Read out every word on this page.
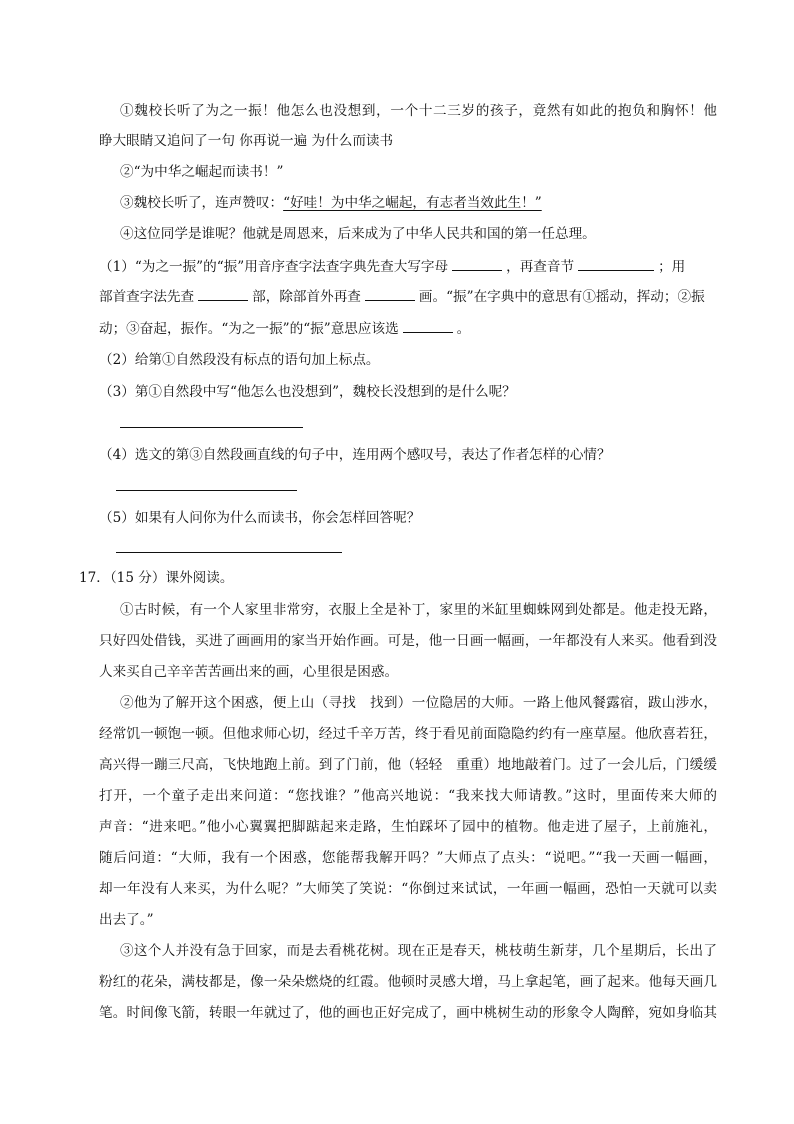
①魏校长听了为之一振！他怎么也没想到，一个十二三岁的孩子，竟然有如此的抱负和胸怀！他
睁大眼睛又追问了一句 你再说一遍 为什么而读书
②“为中华之崛起而读书！”
③魏校长听了，连声赞叹：“好哇！为中华之崛起，有志者当效此生！”
④这位同学是谁呢？他就是周恩来，后来成为了中华人民共和国的第一任总理。
（1）“为之一振”的“振”用音序查字法查字典先查大写字母	，再查音节	；用
部首查字法先查	部，除部首外再查	画。“振”在字典中的意思有①摇动，挥动；②振
动；③奋起，振作。“为之一振”的“振”意思应该选	。
（2）给第①自然段没有标点的语句加上标点。
（3）第①自然段中写“他怎么也没想到”，魏校长没想到的是什么呢？
（4）选文的第③自然段画直线的句子中，连用两个感叹号，表达了作者怎样的心情？
（5）如果有人问你为什么而读书，你会怎样回答呢？
17．（15 分）课外阅读。
①古时候，有一个人家里非常穷，衣服上全是补丁，家里的米缸里蜘蛛网到处都是。他走投无路，
只好四处借钱，买进了画画用的家当开始作画。可是，他一日画一幅画，一年都没有人来买。他看到没
人来买自己辛辛苦苦画出来的画，心里很是困惑。
②他为了解开这个困惑，便上山（寻找　找到）一位隐居的大师。一路上他风餐露宿，跋山涉水，
经常饥一顿饱一顿。但他求师心切，经过千辛万苦，终于看见前面隐隐约约有一座草屋。他欣喜若狂，
高兴得一蹦三尺高，飞快地跑上前。到了门前，他（轻轻　重重）地地敲着门。过了一会儿后，门缓缓
打开，一个童子走出来问道：“您找谁？”他高兴地说：“我来找大师请教。”这时，里面传来大师的
声音：“进来吧。”他小心翼翼把脚踮起来走路，生怕踩坏了园中的植物。他走进了屋子，上前施礼，
随后问道：“大师，我有一个困惑，您能帮我解开吗？”大师点了点头：“说吧。”“我一天画一幅画，
却一年没有人来买，为什么呢？”大师笑了笑说：“你倒过来试试，一年画一幅画，恐怕一天就可以卖
出去了。”
③这个人并没有急于回家，而是去看桃花树。现在正是春天，桃枝萌生新芽，几个星期后，长出了
粉红的花朵，满枝都是，像一朵朵燃烧的红霞。他顿时灵感大增，马上拿起笔，画了起来。他每天画几
笔。时间像飞箭，转眼一年就过了，他的画也正好完成了，画中桃树生动的形象令人陶醉，宛如身临其
